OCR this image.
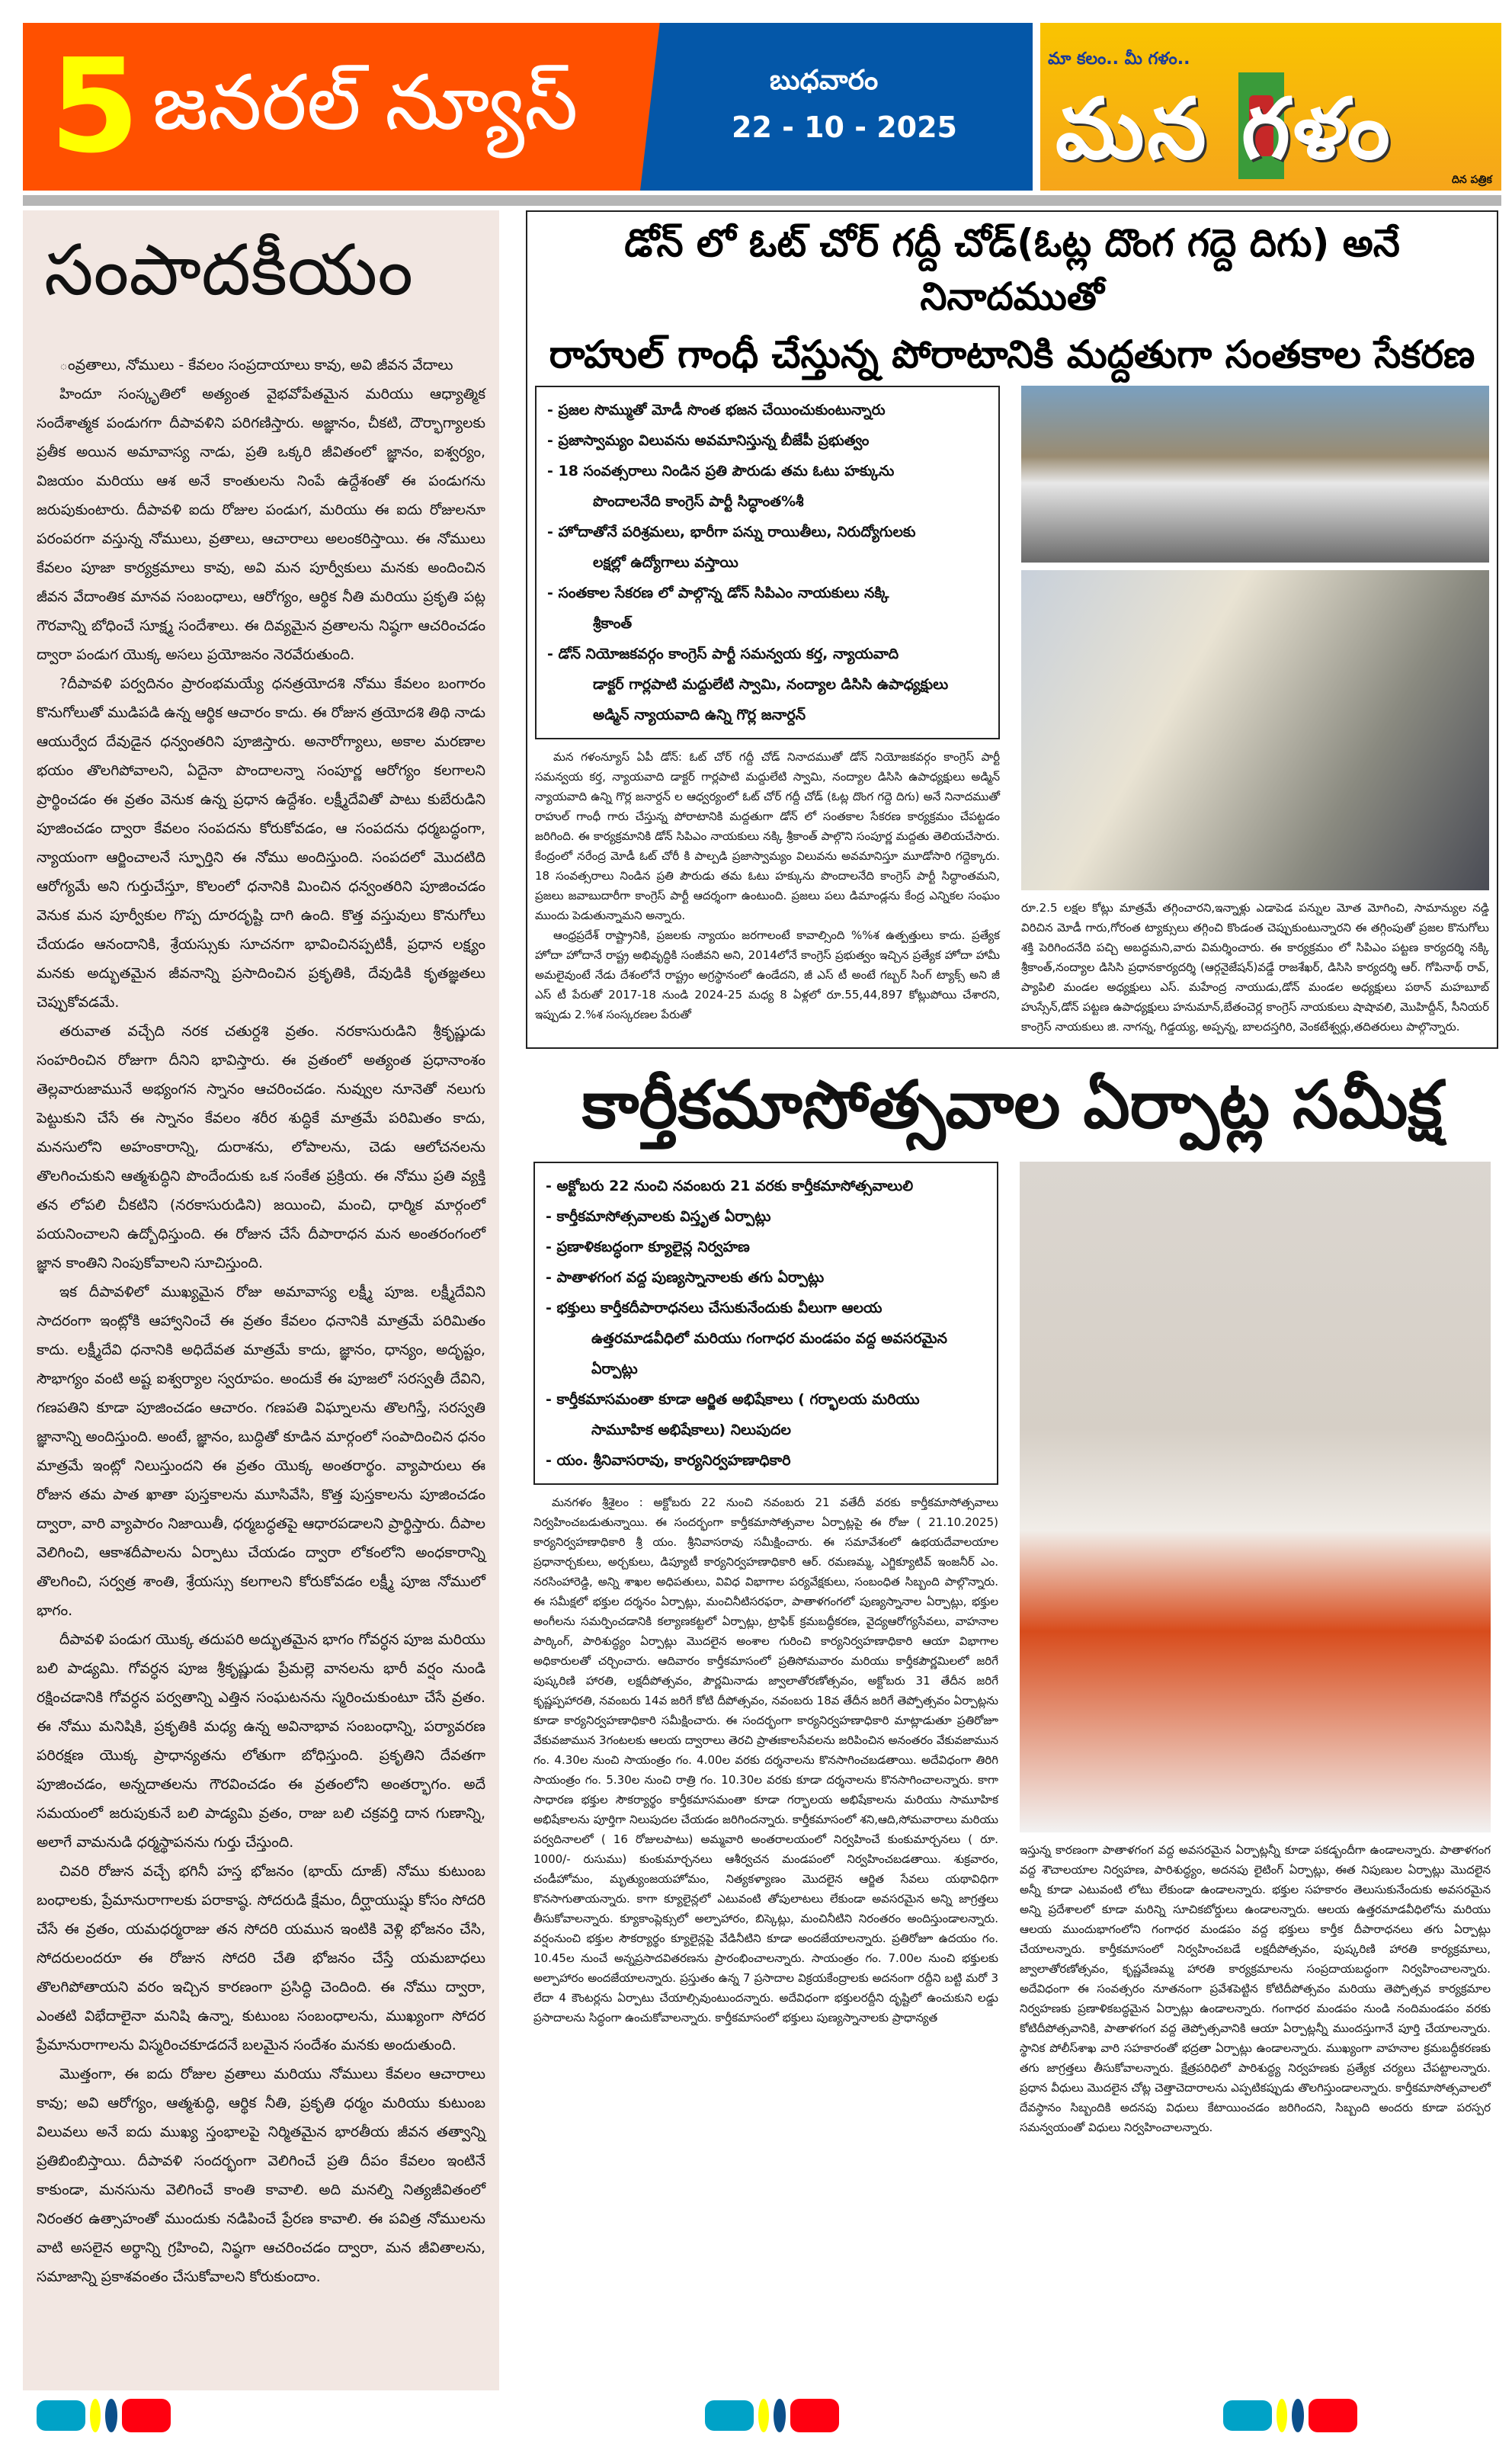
5 జనరల్ న్యూస్	బుధవారం
22 - 10 - 2025
మా కలం.. మీ గళం..
మన గళం
దిన పత్రిక
సంపాదకీయం

ంవ్రతాలు, నోములు - కేవలం సంప్రదాయాలు కావు, అవి జీవన వేదాలు

హిందూ సంస్కృతిలో అత్యంత వైభవోపేతమైన మరియు ఆధ్యాత్మిక సందేశాత్మక పండుగగా దీపావళిని పరిగణిస్తారు. అజ్ఞానం, చీకటి, దౌర్భాగ్యాలకు ప్రతీక అయిన అమావాస్య నాడు, ప్రతి ఒక్కరి జీవితంలో జ్ఞానం, ఐశ్వర్యం, విజయం మరియు ఆశ అనే కాంతులను నింపే ఉద్దేశంతో ఈ పండుగను జరుపుకుంటారు. దీపావళి ఐదు రోజుల పండుగ, మరియు ఈ ఐదు రోజులనూ పరంపరగా వస్తున్న నోములు, వ్రతాలు, ఆచారాలు అలంకరిస్తాయి. ఈ నోములు కేవలం పూజా కార్యక్రమాలు కావు, అవి మన పూర్వీకులు మనకు అందించిన జీవన వేదాంతిక మానవ సంబంధాలు, ఆరోగ్యం, ఆర్థిక నీతి మరియు ప్రకృతి పట్ల గౌరవాన్ని బోధించే సూక్ష్మ సందేశాలు. ఈ దివ్యమైన వ్రతాలను నిష్ఠగా ఆచరించడం ద్వారా పండుగ యొక్క అసలు ప్రయోజనం నెరవేరుతుంది.

?దీపావళి పర్వదినం ప్రారంభమయ్యే ధనత్రయోదశి నోము కేవలం బంగారం కొనుగోలుతో ముడిపడి ఉన్న ఆర్థిక ఆచారం కాదు. ఈ రోజున త్రయోదశి తిథి నాడు ఆయుర్వేద దేవుడైన ధన్వంతరిని పూజిస్తారు. అనారోగ్యాలు, అకాల మరణాల భయం తొలగిపోవాలని, ఏదైనా పొందాలన్నా సంపూర్ణ ఆరోగ్యం కలగాలని ప్రార్థించడం ఈ వ్రతం వెనుక ఉన్న ప్రధాన ఉద్దేశం. లక్ష్మీదేవితో పాటు కుబేరుడిని పూజించడం ద్వారా కేవలం సంపదను కోరుకోవడం, ఆ సంపదను ధర్మబద్ధంగా, న్యాయంగా ఆర్జించాలనే స్ఫూర్తిని ఈ నోము అందిస్తుంది. సంపదలో మొదటిది ఆరోగ్యమే అని గుర్తుచేస్తూ, కొలంలో ధనానికి మించిన ధన్వంతరిని పూజించడం వెనుక మన పూర్వీకుల గొప్ప దూరదృష్టి దాగి ఉంది. కొత్త వస్తువులు కొనుగోలు చేయడం ఆనందానికి, శ్రేయస్సుకు సూచనగా భావించినప్పటికీ, ప్రధాన లక్ష్యం మనకు అద్భుతమైన జీవనాన్ని ప్రసాదించిన ప్రకృతికి, దేవుడికి కృతజ్ఞతలు చెప్పుకోవడమే.

తరువాత వచ్చేది నరక చతుర్దశి వ్రతం. నరకాసురుడిని శ్రీకృష్ణుడు సంహరించిన రోజుగా దీనిని భావిస్తారు. ఈ వ్రతంలో అత్యంత ప్రధానాంశం తెల్లవారుజామునే అభ్యంగన స్నానం ఆచరించడం. నువ్వుల నూనెతో నలుగు పెట్టుకుని చేసే ఈ స్నానం కేవలం శరీర శుద్ధికే మాత్రమే పరిమితం కాదు, మనసులోని అహంకారాన్ని, దురాశను, లోపాలను, చెడు ఆలోచనలను తొలగించుకుని ఆత్మశుద్ధిని పొందేందుకు ఒక సంకేత ప్రక్రియ. ఈ నోము ప్రతి వ్యక్తి తన లోపలి చీకటిని (నరకాసురుడిని) జయించి, మంచి, ధార్మిక మార్గంలో పయనించాలని ఉద్బోధిస్తుంది. ఈ రోజున చేసే దీపారాధన మన అంతరంగంలో జ్ఞాన కాంతిని నింపుకోవాలని సూచిస్తుంది.

ఇక దీపావళిలో ముఖ్యమైన రోజు అమావాస్య లక్ష్మీ పూజ. లక్ష్మీదేవిని సాదరంగా ఇంట్లోకి ఆహ్వానించే ఈ వ్రతం కేవలం ధనానికి మాత్రమే పరిమితం కాదు. లక్ష్మీదేవి ధనానికి అధిదేవత మాత్రమే కాదు, జ్ఞానం, ధాన్యం, అదృష్టం, సౌభాగ్యం వంటి అష్ట ఐశ్వర్యాల స్వరూపం. అందుకే ఈ పూజలో సరస్వతీ దేవిని, గణపతిని కూడా పూజించడం ఆచారం. గణపతి విఘ్నాలను తొలగిస్తే, సరస్వతి జ్ఞానాన్ని అందిస్తుంది. అంటే, జ్ఞానం, బుద్ధితో కూడిన మార్గంలో సంపాదించిన ధనం మాత్రమే ఇంట్లో నిలుస్తుందని ఈ వ్రతం యొక్క అంతరార్థం. వ్యాపారులు ఈ రోజున తమ పాత ఖాతా పుస్తకాలను మూసివేసి, కొత్త పుస్తకాలను పూజించడం ద్వారా, వారి వ్యాపారం నిజాయితీ, ధర్మబద్ధతపై ఆధారపడాలని ప్రార్థిస్తారు. దీపాల వెలిగించి, ఆకాశదీపాలను ఏర్పాటు చేయడం ద్వారా లోకంలోని అంధకారాన్ని తొలగించి, సర్వత్ర శాంతి, శ్రేయస్సు కలగాలని కోరుకోవడం లక్ష్మీ పూజ నోములో భాగం.

దీపావళి పండుగ యొక్క తదుపరి అద్భుతమైన భాగం గోవర్ధన పూజ మరియు బలి పాడ్యమి. గోవర్ధన పూజ శ్రీకృష్ణుడు ప్రేమల్లె వానలను భారీ వర్షం నుండి రక్షించడానికి గోవర్ధన పర్వతాన్ని ఎత్తిన సంఘటనను స్మరించుకుంటూ చేసే వ్రతం. ఈ నోము మనిషికి, ప్రకృతికి మధ్య ఉన్న అవినాభావ సంబంధాన్ని, పర్యావరణ పరిరక్షణ యొక్క ప్రాధాన్యతను లోతుగా బోధిస్తుంది. ప్రకృతిని దేవతగా పూజించడం, అన్నదాతలను గౌరవించడం ఈ వ్రతంలోని అంతర్భాగం. అదే సమయంలో జరుపుకునే బలి పాడ్యమి వ్రతం, రాజు బలి చక్రవర్తి దాన గుణాన్ని, అలాగే వామనుడి ధర్మస్థాపనను గుర్తు చేస్తుంది.

చివరి రోజున వచ్చే భగినీ హస్త భోజనం (భాయ్ దూజ్) నోము కుటుంబ బంధాలకు, ప్రేమానురాగాలకు పరాకాష్ఠ. సోదరుడి క్షేమం, దీర్ఘాయుష్షు కోసం సోదరి చేసే ఈ వ్రతం, యమధర్మరాజు తన సోదరి యమున ఇంటికి వెళ్లి భోజనం చేసి, సోదరులందరూ ఈ రోజున సోదరి చేతి భోజనం చేస్తే యమబాధలు తొలగిపోతాయని వరం ఇచ్చిన కారణంగా ప్రసిద్ధి చెందింది. ఈ నోము ద్వారా, ఎంతటి విభేదాలైనా మనిషి ఉన్నా, కుటుంబ సంబంధాలను, ముఖ్యంగా సోదర ప్రేమానురాగాలను విస్మరించకూడదనే బలమైన సందేశం మనకు అందుతుంది.

మొత్తంగా, ఈ ఐదు రోజుల వ్రతాలు మరియు నోములు కేవలం ఆచారాలు కావు; అవి ఆరోగ్యం, ఆత్మశుద్ధి, ఆర్థిక నీతి, ప్రకృతి ధర్మం మరియు కుటుంబ విలువలు అనే ఐదు ముఖ్య స్తంభాలపై నిర్మితమైన భారతీయ జీవన తత్వాన్ని ప్రతిబింబిస్తాయి. దీపావళి సందర్భంగా వెలిగించే ప్రతి దీపం కేవలం ఇంటినే కాకుండా, మనసును వెలిగించే కాంతి కావాలి. అది మనల్ని నిత్యజీవితంలో నిరంతర ఉత్సాహంతో ముందుకు నడిపించే ప్రేరణ కావాలి. ఈ పవిత్ర నోములను వాటి అసలైన అర్థాన్ని గ్రహించి, నిష్ఠగా ఆచరించడం ద్వారా, మన జీవితాలను, సమాజాన్ని ప్రకాశవంతం చేసుకోవాలని కోరుకుందాం.

డోన్ లో ఓట్ చోర్ గద్దీ చోడ్(ఓట్ల దొంగ గద్దె దిగు) అనే నినాదముతో
రాహుల్ గాంధీ చేస్తున్న పోరాటానికి మద్దతుగా సంతకాల సేకరణ
- ప్రజల సొమ్ముతో మోడీ సొంత భజన చేయించుకుంటున్నారు
- ప్రజాస్వామ్యం విలువను అవమానిస్తున్న బీజేపీ ప్రభుత్వం
- 18 సంవత్సరాలు నిండిన ప్రతి పౌరుడు తమ ఓటు హక్కును
పొందాలనేది కాంగ్రెస్ పార్టీ సిద్ధాంత%శీ
- హోదాతోనే పరిశ్రమలు, భారీగా పన్ను రాయితీలు, నిరుద్యోగులకు
లక్షల్లో ఉద్యోగాలు వస్తాయి
- సంతకాల సేకరణ లో పాల్గొన్న డోన్ సిపిఎం నాయకులు నక్కి
శ్రీకాంత్
- డోన్ నియోజకవర్గం కాంగ్రెస్ పార్టీ సమన్వయ కర్త, న్యాయవాది
డాక్టర్ గార్లపాటి మద్దులేటి స్వామి, నంద్యాల డిసిసి ఉపాధ్యక్షులు అడ్మిన్ న్యాయవాది ఉన్ని గొర్ల జనార్దన్

మన గళంన్యూస్ ఏపీ డోన్: ఓట్ చోర్ గద్దీ చోడ్ నినాదముతో డోన్ నియోజకవర్గం కాంగ్రెస్ పార్టీ సమన్వయ కర్త, న్యాయవాది డాక్టర్ గార్లపాటి మద్దులేటి స్వామి, నంద్యాల డిసిసి ఉపాధ్యక్షులు అడ్మిన్ న్యాయవాది ఉన్ని గొర్ల జనార్దన్ ల ఆధ్వర్యంలో ఓట్ చోర్ గద్దీ చోడ్ (ఓట్ల దొంగ గద్దె దిగు) అనే నినాదముతో రాహుల్ గాంధీ గారు చేస్తున్న పోరాటానికి మద్దతుగా డోన్ లో సంతకాల సేకరణ కార్యక్రమం చేపట్టడం జరిగింది. ఈ కార్యక్రమానికి డోన్ సిపిఎం నాయకులు నక్కి శ్రీకాంత్ పాల్గొని సంపూర్ణ మద్దతు తెలియచేసారు. కేంద్రంలో నరేంద్ర మోడీ ఓట్ చోరీ కి పాల్పడి ప్రజాస్వామ్యం విలువను అవమానిస్తూ మూడోసారి గద్దెక్కారు. 18 సంవత్సరాలు నిండిన ప్రతి పౌరుడు తమ ఓటు హక్కును పొందాలనేది కాంగ్రెస్ పార్టీ సిద్ధాంతమని, ప్రజలు జవాబుదారీగా కాంగ్రెస్ పార్టీ ఆదర్శంగా ఉంటుంది. ప్రజలు పలు డిమాండ్లను కేంద్ర ఎన్నికల సంఘం ముందు పెడుతున్నామని అన్నారు.

ఆంధ్రప్రదేశ్ రాష్ట్రానికి, ప్రజలకు న్యాయం జరగాలంటే కావాల్సింది %%శ ఉత్పత్తులు కాదు. ప్రత్యేక హోదా హోదానే రాష్ట్ర అభివృద్ధికి సంజీవని అని, 2014లోనే కాంగ్రెస్ ప్రభుత్వం ఇచ్చిన ప్రత్యేక హోదా హామీ అమలైవుంటే నేడు దేశంలోనే రాష్ట్రం అగ్రస్థానంలో ఉండేదని, జీ ఎస్ టీ అంటే గబ్బర్ సింగ్ ట్యాక్స్ అని జీ ఎస్ టీ పేరుతో 2017-18 నుండి 2024-25 మధ్య 8 ఏళ్లలో రూ.55,44,897 కోట్లుపోయి చేశారని, ఇప్పుడు 2.%శ సంస్కరణల పేరుతో

రూ.2.5 లక్షల కోట్లు మాత్రమే తగ్గించారని,ఇన్నాళ్లు ఎడాపెడ పన్నుల మోత మోగించి, సామాన్యుల నడ్డి విరిచిన మోడీ గారు,గోరంత ట్యాక్సులు తగ్గించి కొండంత చెప్పుకుంటున్నారని ఈ తగ్గింపుతో ప్రజల కొనుగోలు శక్తి పెరిగిందనేది పచ్చి అబద్ధమని,వారు విమర్శించారు. ఈ కార్యక్రమం లో సిపిఎం పట్టణ కార్యదర్శి నక్కి శ్రీకాంత్,నంద్యాల డిసిసి ప్రధానకార్యదర్శి (ఆర్గనైజేషన్)వడ్డే రాజశేఖర్, డిసిసి కార్యదర్శి ఆర్. గోపినాథ్ రావ్, ప్యాపిలి మండల అధ్యక్షులు ఎస్. మహేంద్ర నాయుడు,డోన్ మండల అధ్యక్షులు పఠాన్ మహబూబ్ హుస్సేన్,డోన్ పట్టణ ఉపాధ్యక్షులు హనుమాన్,బేతంచెర్ల కాంగ్రెస్ నాయకులు షాషావలి, మొహిద్దీన్, సీనియర్ కాంగ్రెస్ నాయకులు జి. నాగన్న, గిడ్డయ్య, అప్పన్న, బాలదస్తగిరి, వెంకటేశ్వర్లు,తదితరులు పాల్గొన్నారు.

కార్తీకమాసోత్సవాల ఏర్పాట్ల సమీక్ష
- అక్టోబరు 22 నుంచి నవంబరు 21 వరకు కార్తీకమాసోత్సవాలులి
- కార్తీకమాసోత్సవాలకు విస్తృత ఏర్పాట్లు
- ప్రణాళికబద్ధంగా క్యూలైన్ల నిర్వహణ
- పాతాళగంగ వద్ద పుణ్యస్నానాలకు తగు ఏర్పాట్లు
- భక్తులు కార్తీకదీపారాధనలు చేసుకునేందుకు వీలుగా ఆలయ
ఉత్తరమాడవీధిలో మరియు గంగాధర మండపం వద్ద అవసరమైన ఏర్పాట్లు
- కార్తీకమాసమంతా కూడా ఆర్జిత అభిషేకాలు ( గర్భాలయ మరియు
సామూహిక అభిషేకాలు) నిలుపుదల
- యం. శ్రీనివాసరావు, కార్యనిర్వహణాధికారి

మనగళం శ్రీశైలం : అక్టోబరు 22 నుంచి నవంబరు 21 వతేదీ వరకు కార్తీకమాసోత్సవాలు నిర్వహించబడుతున్నాయి. ఈ సందర్భంగా కార్తీకమాసోత్సవాల ఏర్పాట్లపై ఈ రోజు ( 21.10.2025) కార్యనిర్వహణాధికారి శ్రీ యం. శ్రీనివాసరావు సమీక్షించారు. ఈ సమావేశంలో ఉభయదేవాలయాల ప్రధానార్చకులు, అర్చకులు, డిప్యూటీ కార్యనిర్వహణాధికారి ఆర్. రమణమ్మ, ఎగ్జిక్యూటివ్ ఇంజనీర్ ఎం. నరసింహారెడ్డి, అన్ని శాఖల అధిపతులు, వివిధ విభాగాల పర్యవేక్షకులు, సంబంధిత సిబ్బంది పాల్గొన్నారు. ఈ సమీక్షలో భక్తుల దర్శనం ఏర్పాట్లు, మంచినీటిసరఫరా, పాతాళగంగలో పుణ్యస్నానాల ఏర్పాట్లు, భక్తుల అంగీలను సమర్పించడానికి కల్యాణకట్టలో ఏర్పాట్లు, ట్రాఫిక్ క్రమబద్ధీకరణ, వైద్యఆరోగ్యసేవలు, వాహనాల పార్కింగ్, పారిశుద్ధ్యం ఏర్పాట్లు మొదలైన అంశాల గురించి కార్యనిర్వహణాధికారి ఆయా విభాగాల అధికారులతో చర్చించారు. ఆదివారం కార్తీకమాసంలో ప్రతిసోమవారం మరియు కార్తీకపౌర్ణమిలలో జరిగే పుష్కరిణి హారతి, లక్షదీపోత్సవం, పౌర్ణమినాడు జ్వాలాతోరణోత్సవం, అక్టోబరు 31 తేదీన జరిగే కృష్ణప్పహారతి, నవంబరు 14వ జరిగే కోటి దీపోత్సవం, నవంబరు 18వ తేదీన జరిగే తెప్పోత్సవం ఏర్పాట్లను కూడా కార్యనిర్వహణాధికారి సమీక్షించారు. ఈ సందర్భంగా కార్యనిర్వహణాధికారి మాట్లాడుతూ ప్రతిరోజూ వేకువజామున 3గంటలకు ఆలయ ద్వారాలు తెరచి ప్రాతఃకాలసేవలను జరిపించిన అనంతరం వేకువజామున గం. 4.30ల నుంచి సాయంత్రం గం. 4.00ల వరకు దర్శనాలను కొనసాగించబడతాయి. అదేవిధంగా తిరిగి సాయంత్రం గం. 5.30ల నుంచి రాత్రి గం. 10.30ల వరకు కూడా దర్శనాలను కొనసాగించాలన్నారు. కాగా సాధారణ భక్తుల సౌకర్యార్థం కార్తీకమాసమంతా కూడా గర్భాలయ అభిషేకాలను మరియు సామూహిక అభిషేకాలను పూర్తిగా నిలుపుదల చేయడం జరిగిందన్నారు. కార్తీకమాసంలో శని,ఆది,సోమవారాలు మరియు పర్వదినాలలో ( 16 రోజులపాటు) అమ్మవారి అంతరాలయంలో నిర్వహించే కుంకుమార్చనలు ( రూ. 1000/- రుసుము) కుంకుమార్చనలు ఆశీర్వచన మండపంలో నిర్వహించబడతాయి. శుక్రవారం, చండీహోమం, మృత్యుంజయహోమం, నిత్యకళ్యాణం మొదలైన ఆర్జిత సేవలు యథావిధిగా కొనసాగుతాయన్నారు. కాగా క్యూలైన్లలో ఎటువంటి తోపులాటలు లేకుండా అవసరమైన అన్ని జాగ్రత్తలు తీసుకోవాలన్నారు. క్యూకాంప్లెక్సులో అల్పాహారం, బిస్కెట్లు, మంచినీటిని నిరంతరం అందిస్తుండాలన్నారు. వర్షంనుంచి భక్తుల సౌకర్యార్థం క్యూలైన్లపై వేడినీటిని కూడా అందజేయాలన్నారు. ప్రతిరోజూ ఉదయం గం. 10.45ల నుంచే అన్నప్రసాదవితరణను ప్రారంభించాలన్నారు. సాయంత్రం గం. 7.00ల నుంచి భక్తులకు అల్పాహారం అందజేయాలన్నారు. ప్రస్తుతం ఉన్న 7 ప్రసాదాల విక్రయకేంద్రాలకు అదనంగా రద్దీని బట్టి మరో 3 లేదా 4 కౌంటర్లను ఏర్పాటు చేయాల్సివుంటుందన్నారు. అదేవిధంగా భక్తులరద్దీని దృష్టిలో ఉంచుకుని లడ్డు ప్రసాదాలను సిద్ధంగా ఉంచుకోవాలన్నారు. కార్తీకమాసంలో భక్తులు పుణ్యస్నానాలకు ప్రాధాన్యత

ఇస్తున్న కారణంగా పాతాళగంగ వద్ద అవసరమైన ఏర్పాట్లన్నీ కూడా పకడ్బందీగా ఉండాలన్నారు. పాతాళగంగ వద్ద శౌచాలయాల నిర్వహణ, పారిశుద్ధ్యం, అదనపు లైటింగ్ ఏర్పాట్లు, ఈత నిపుణుల ఏర్పాట్లు మొదలైన అన్నీ కూడా ఎటువంటి లోటు లేకుండా ఉండాలన్నారు. భక్తుల సహకారం తెలుసుకునేందుకు అవసరమైన అన్ని ప్రదేశాలలో కూడా మరిన్ని సూచికబోర్డులు ఉండాలన్నారు. ఆలయ ఉత్తరమాడవీధిలోను మరియు ఆలయ ముందుభాగంలోని గంగాధర మండపం వద్ద భక్తులు కార్తీక దీపారాధనలు తగు ఏర్పాట్లు చేయాలన్నారు. కార్తీకమాసంలో నిర్వహించబడే లక్షదీపోత్సవం, పుష్కరిణి హారతి కార్యక్రమాలు, జ్వాలాతోరణోత్సవం, కృష్ణవేణమ్మ హారతి కార్యక్రమాలను సంప్రదాయబద్ధంగా నిర్వహించాలన్నారు. అదేవిధంగా ఈ సంవత్సరం నూతనంగా ప్రవేశపెట్టిన కోటిదీపోత్సవం మరియు తెప్పోత్సవ కార్యక్రమాల నిర్వహణకు ప్రణాళికబద్ధమైన ఏర్పాట్లు ఉండాలన్నారు. గంగాధర మండపం నుండి నందిమండపం వరకు కోటిదీపోత్సవానికి, పాతాళగంగ వద్ద తెప్పోత్సవానికి ఆయా ఏర్పాట్లన్నీ ముందస్తుగానే పూర్తి చేయాలన్నారు. స్థానిక పోలీస్‌శాఖ వారి సహకారంతో భద్రతా ఏర్పాట్లు ఉండాలన్నారు. ముఖ్యంగా వాహనాల క్రమబద్ధీకరణకు తగు జాగ్రత్తలు తీసుకోవాలన్నారు. క్షేత్రపరిధిలో పారిశుద్ధ్య నిర్వహణకు ప్రత్యేక చర్యలు చేపట్టాలన్నారు. ప్రధాన వీధులు మొదలైన చోట్ల చెత్తాచెదారాలను ఎప్పటికప్పుడు తొలగిస్తుండాలన్నారు. కార్తీకమాసోత్సవాలలో దేవస్థానం సిబ్బందికి అదనపు విధులు కేటాయించడం జరిగిందని, సిబ్బంది అందరు కూడా పరస్పర సమన్వయంతో విధులు నిర్వహించాలన్నారు.
